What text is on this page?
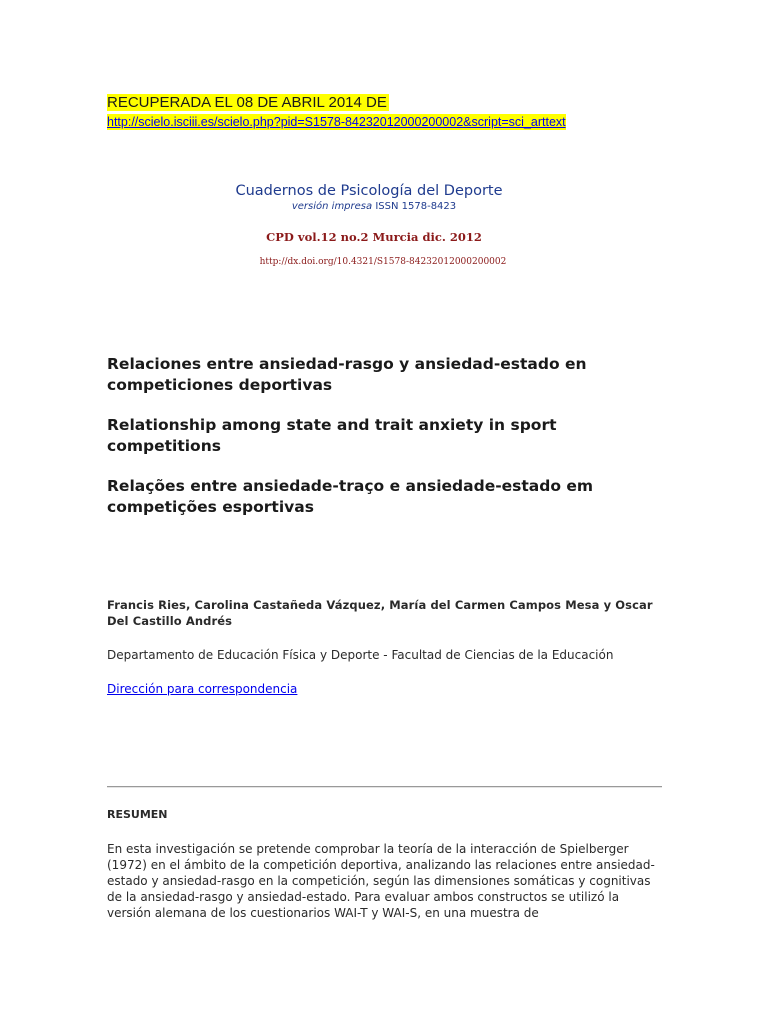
RECUPERADA EL 08 DE ABRIL 2014 DE
http://scielo.isciii.es/scielo.php?pid=S1578-84232012000200002&script=sci_arttext
Cuadernos de Psicología del Deporte
versión impresa ISSN 1578-8423
CPD vol.12 no.2 Murcia dic. 2012
http://dx.doi.org/10.4321/S1578-84232012000200002
Relaciones entre ansiedad-rasgo y ansiedad-estado en competiciones deportivas
Relationship among state and trait anxiety in sport competitions
Relações entre ansiedade-traço e ansiedade-estado em competições esportivas
Francis Ries, Carolina Castañeda Vázquez, María del Carmen Campos Mesa y Oscar Del Castillo Andrés
Departamento de Educación Física y Deporte - Facultad de Ciencias de la Educación
Dirección para correspondencia
RESUMEN
En esta investigación se pretende comprobar la teoría de la interacción de Spielberger (1972) en el ámbito de la competición deportiva, analizando las relaciones entre ansiedad-estado y ansiedad-rasgo en la competición, según las dimensiones somáticas y cognitivas de la ansiedad-rasgo y ansiedad-estado. Para evaluar ambos constructos se utilizó la versión alemana de los cuestionarios WAI-T y WAI-S, en una muestra de
